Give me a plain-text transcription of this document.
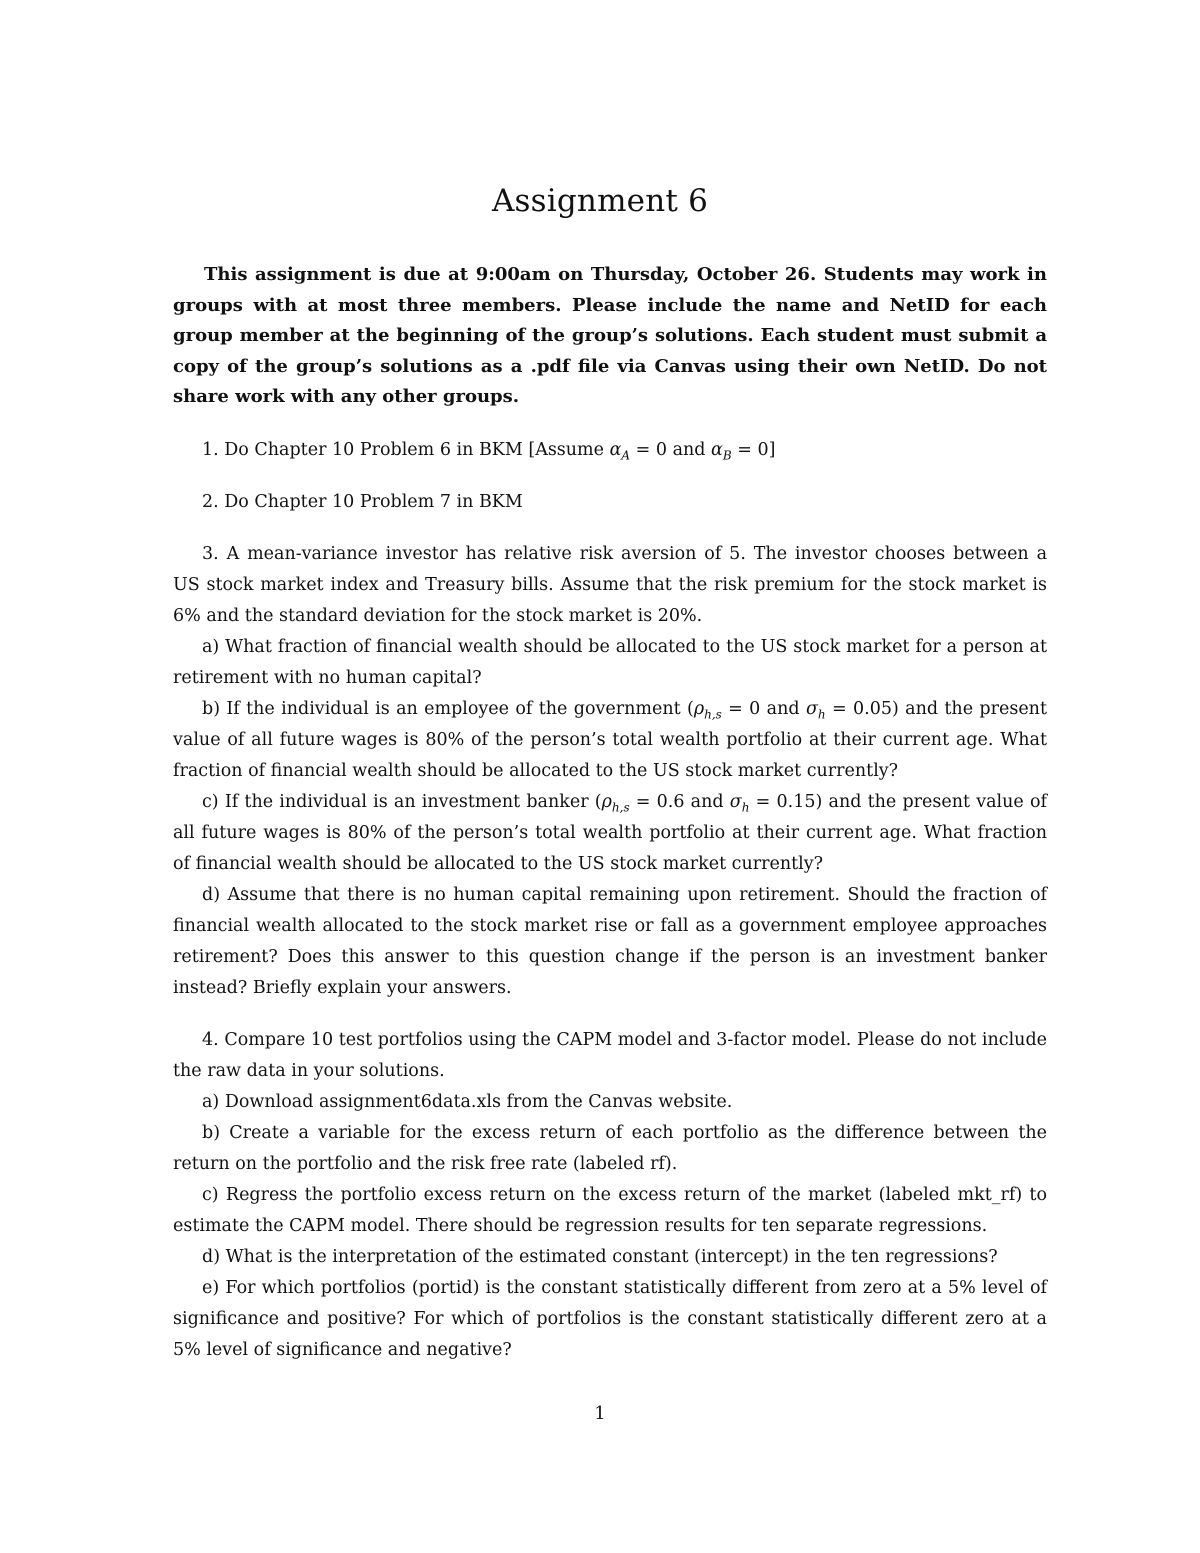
Assignment 6

This assignment is due at 9:00am on Thursday, October 26. Students may work in groups with at most three members. Please include the name and NetID for each group member at the beginning of the group’s solutions. Each student must submit a copy of the group’s solutions as a .pdf file via Canvas using their own NetID. Do not share work with any other groups.

1. Do Chapter 10 Problem 6 in BKM [Assume $\alpha_A = 0$ and $\alpha_B = 0$]

2. Do Chapter 10 Problem 7 in BKM

3. A mean-variance investor has relative risk aversion of 5. The investor chooses between a US stock market index and Treasury bills. Assume that the risk premium for the stock market is 6% and the standard deviation for the stock market is 20%.

a) What fraction of financial wealth should be allocated to the US stock market for a person at retirement with no human capital?

b) If the individual is an employee of the government ($\rho_{h,s} = 0$ and $\sigma_h = 0.05$) and the present value of all future wages is 80% of the person’s total wealth portfolio at their current age. What fraction of financial wealth should be allocated to the US stock market currently?

c) If the individual is an investment banker ($\rho_{h,s} = 0.6$ and $\sigma_h = 0.15$) and the present value of all future wages is 80% of the person’s total wealth portfolio at their current age. What fraction of financial wealth should be allocated to the US stock market currently?

d) Assume that there is no human capital remaining upon retirement. Should the fraction of financial wealth allocated to the stock market rise or fall as a government employee approaches retirement? Does this answer to this question change if the person is an investment banker instead? Briefly explain your answers.

4. Compare 10 test portfolios using the CAPM model and 3-factor model. Please do not include the raw data in your solutions.

a) Download assignment6data.xls from the Canvas website.

b) Create a variable for the excess return of each portfolio as the difference between the return on the portfolio and the risk free rate (labeled rf).

c) Regress the portfolio excess return on the excess return of the market (labeled mkt_rf) to estimate the CAPM model. There should be regression results for ten separate regressions.

d) What is the interpretation of the estimated constant (intercept) in the ten regressions?

e) For which portfolios (portid) is the constant statistically different from zero at a 5% level of significance and positive? For which of portfolios is the constant statistically different zero at a 5% level of significance and negative?

1
